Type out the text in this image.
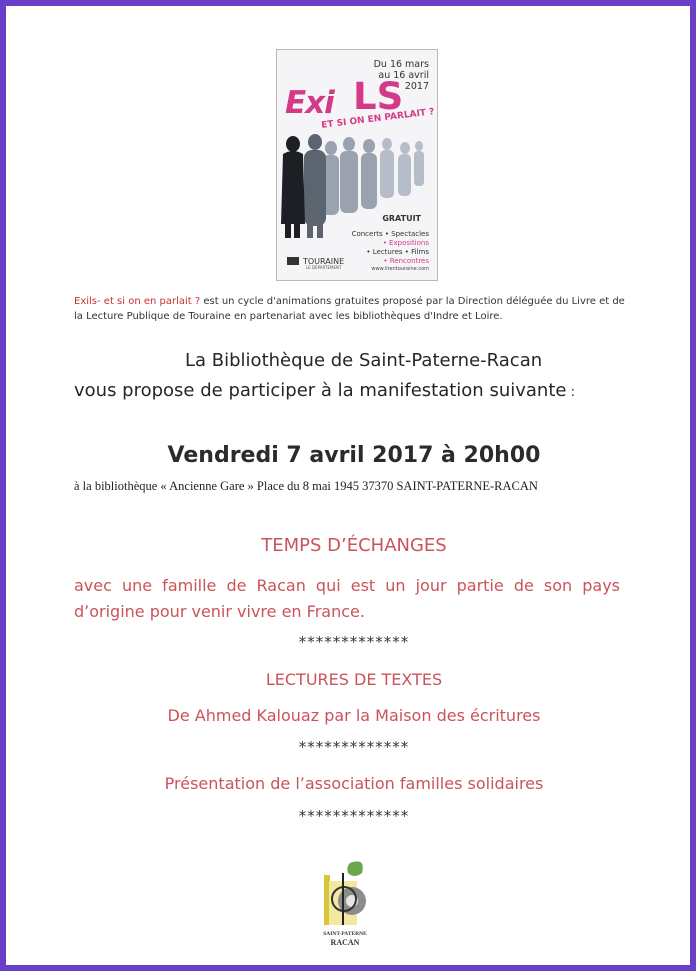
Du 16 mars
au 16 avril
2017
Exi LS
ET SI ON EN PARLAIT ?
GRATUIT
Concerts • Spectacles
• Expositions
• Lectures • Films
• Rencontres
TOURAINE
LE DÉPARTEMENT	www.lirentouraine.com
Exils- et si on en parlait ? est un cycle d'animations gratuites proposé par la Direction déléguée du Livre et de la Lecture Publique de Touraine en partenariat avec les bibliothèques d'Indre et Loire.
La Bibliothèque de Saint-Paterne-Racan
vous propose de participer à la manifestation suivante :
Vendredi 7 avril 2017 à 20h00
à la bibliothèque « Ancienne Gare » Place du 8 mai 1945 37370 SAINT-PATERNE-RACAN
TEMPS D’ÉCHANGES
avec une famille de Racan qui est un jour partie de son pays d’origine pour venir vivre en France.
*************
LECTURES DE TEXTES
De Ahmed Kalouaz par la Maison des écritures
*************
Présentation de l’association familles solidaires
*************
SAINT-PATERNE
RACAN
